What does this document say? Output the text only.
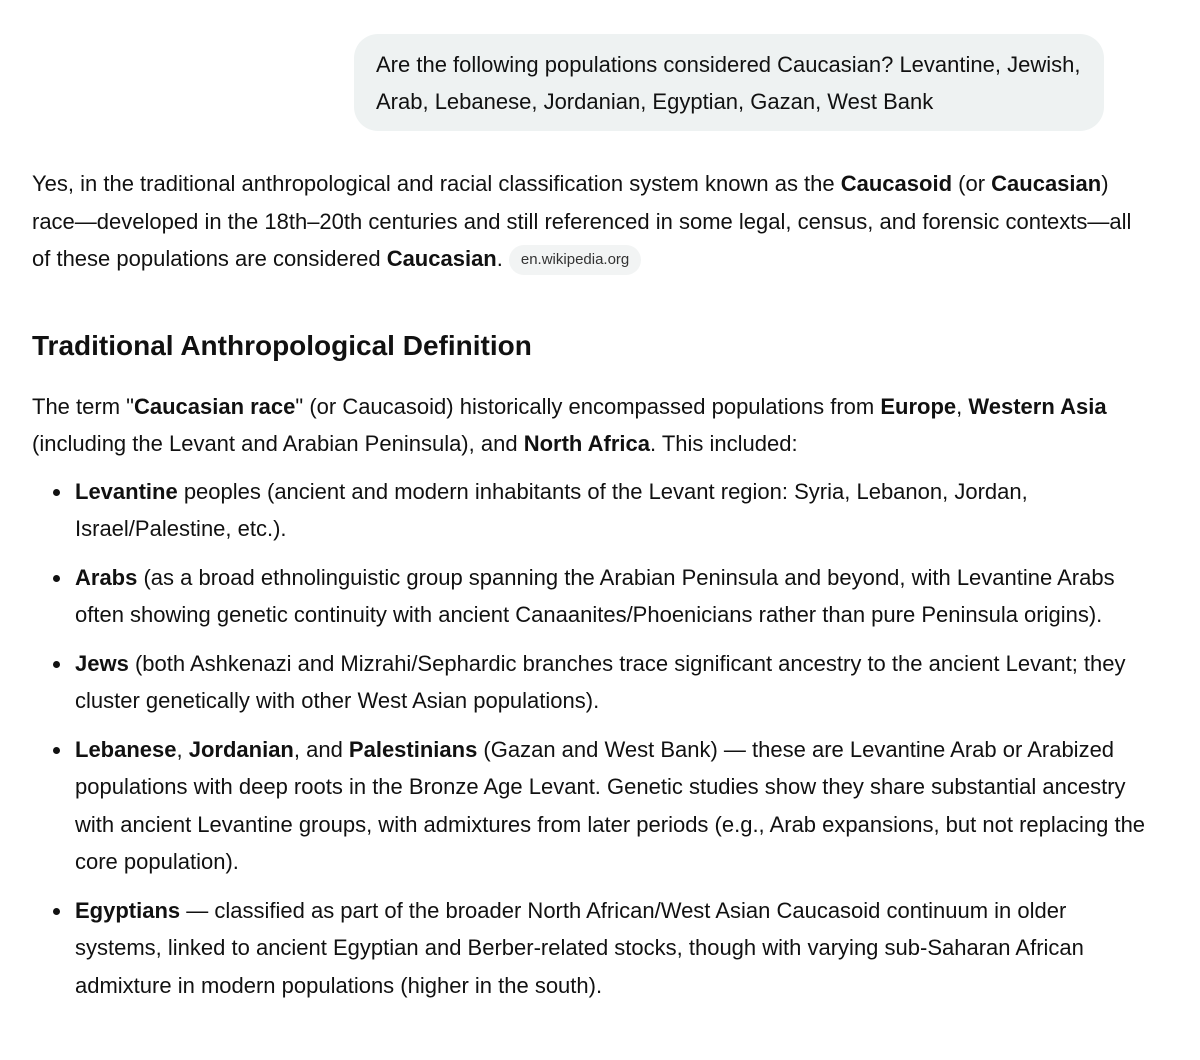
Are the following populations considered Caucasian? Levantine, Jewish, Arab, Lebanese, Jordanian, Egyptian, Gazan, West Bank

Yes, in the traditional anthropological and racial classification system known as the Caucasoid (or Caucasian) race—developed in the 18th–20th centuries and still referenced in some legal, census, and forensic contexts—all of these populations are considered Caucasian. en.wikipedia.org

Traditional Anthropological Definition

The term "Caucasian race" (or Caucasoid) historically encompassed populations from Europe, Western Asia (including the Levant and Arabian Peninsula), and North Africa. This included:

Levantine peoples (ancient and modern inhabitants of the Levant region: Syria, Lebanon, Jordan, Israel/Palestine, etc.).
Arabs (as a broad ethnolinguistic group spanning the Arabian Peninsula and beyond, with Levantine Arabs often showing genetic continuity with ancient Canaanites/Phoenicians rather than pure Peninsula origins).
Jews (both Ashkenazi and Mizrahi/Sephardic branches trace significant ancestry to the ancient Levant; they cluster genetically with other West Asian populations).
Lebanese, Jordanian, and Palestinians (Gazan and West Bank) — these are Levantine Arab or Arabized populations with deep roots in the Bronze Age Levant. Genetic studies show they share substantial ancestry with ancient Levantine groups, with admixtures from later periods (e.g., Arab expansions, but not replacing the core population).
Egyptians — classified as part of the broader North African/West Asian Caucasoid continuum in older systems, linked to ancient Egyptian and Berber-related stocks, though with varying sub-Saharan African admixture in modern populations (higher in the south).
